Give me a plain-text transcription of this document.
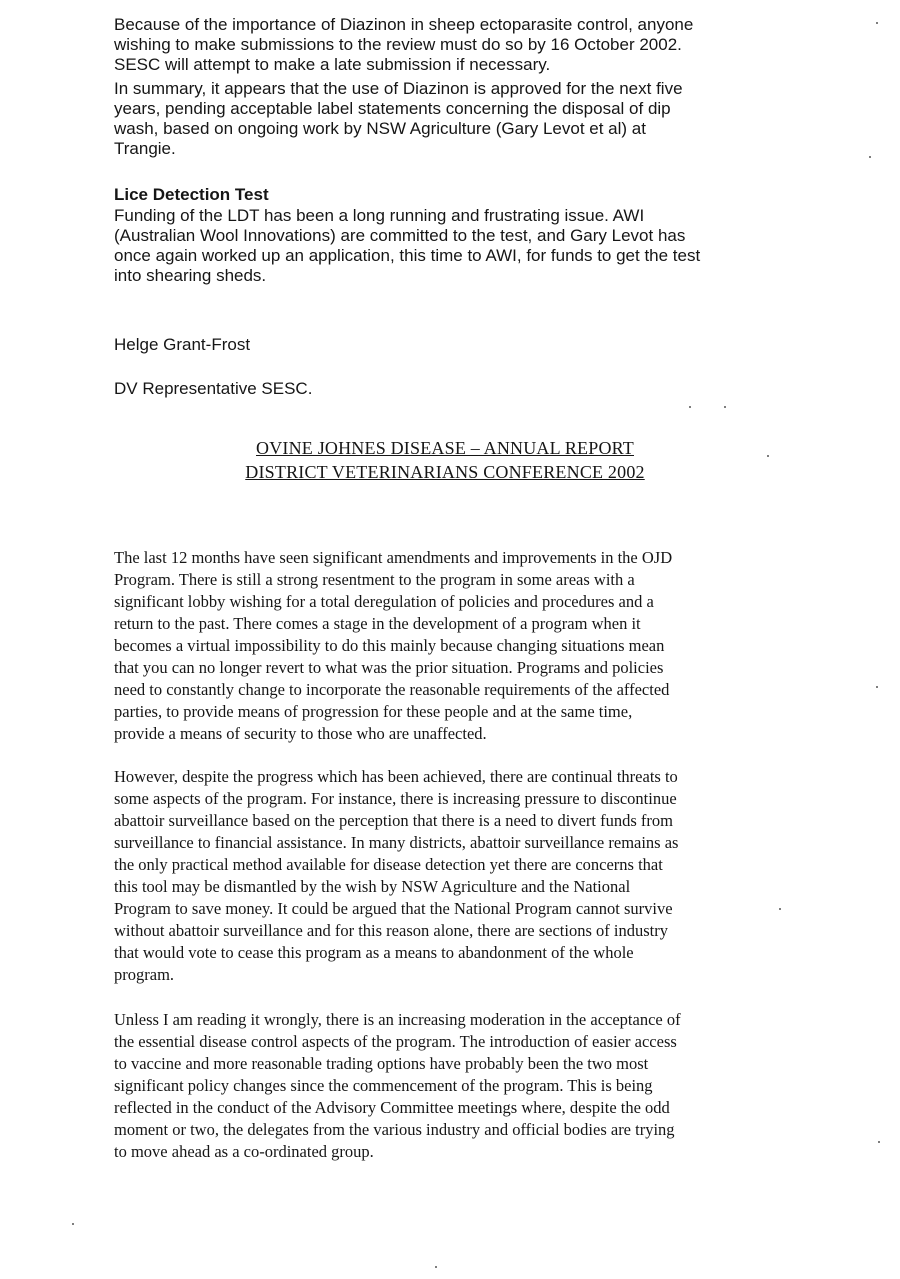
Because of the importance of Diazinon in sheep ectoparasite control, anyone
wishing to make submissions to the review must do so by 16 October 2002.
SESC will attempt to make a late submission if necessary.
In summary, it appears that the use of Diazinon is approved for the next five
years, pending acceptable label statements concerning the disposal of dip
wash, based on ongoing work by NSW Agriculture (Gary Levot et al) at
Trangie.
Lice Detection Test
Funding of the LDT has been a long running and frustrating issue. AWI
(Australian Wool Innovations) are committed to the test, and Gary Levot has
once again worked up an application, this time to AWI, for funds to get the test
into shearing sheds.
Helge Grant-Frost
DV Representative SESC.
OVINE JOHNES DISEASE – ANNUAL REPORT
DISTRICT VETERINARIANS CONFERENCE 2002
The last 12 months have seen significant amendments and improvements in the OJD
Program. There is still a strong resentment to the program in some areas with a
significant lobby wishing for a total deregulation of policies and procedures and a
return to the past. There comes a stage in the development of a program when it
becomes a virtual impossibility to do this mainly because changing situations mean
that you can no longer revert to what was the prior situation. Programs and policies
need to constantly change to incorporate the reasonable requirements of the affected
parties, to provide means of progression for these people and at the same time,
provide a means of security to those who are unaffected.
However, despite the progress which has been achieved, there are continual threats to
some aspects of the program. For instance, there is increasing pressure to discontinue
abattoir surveillance based on the perception that there is a need to divert funds from
surveillance to financial assistance. In many districts, abattoir surveillance remains as
the only practical method available for disease detection yet there are concerns that
this tool may be dismantled by the wish by NSW Agriculture and the National
Program to save money. It could be argued that the National Program cannot survive
without abattoir surveillance and for this reason alone, there are sections of industry
that would vote to cease this program as a means to abandonment of the whole
program.
Unless I am reading it wrongly, there is an increasing moderation in the acceptance of
the essential disease control aspects of the program. The introduction of easier access
to vaccine and more reasonable trading options have probably been the two most
significant policy changes since the commencement of the program. This is being
reflected in the conduct of the Advisory Committee meetings where, despite the odd
moment or two, the delegates from the various industry and official bodies are trying
to move ahead as a co-ordinated group.
